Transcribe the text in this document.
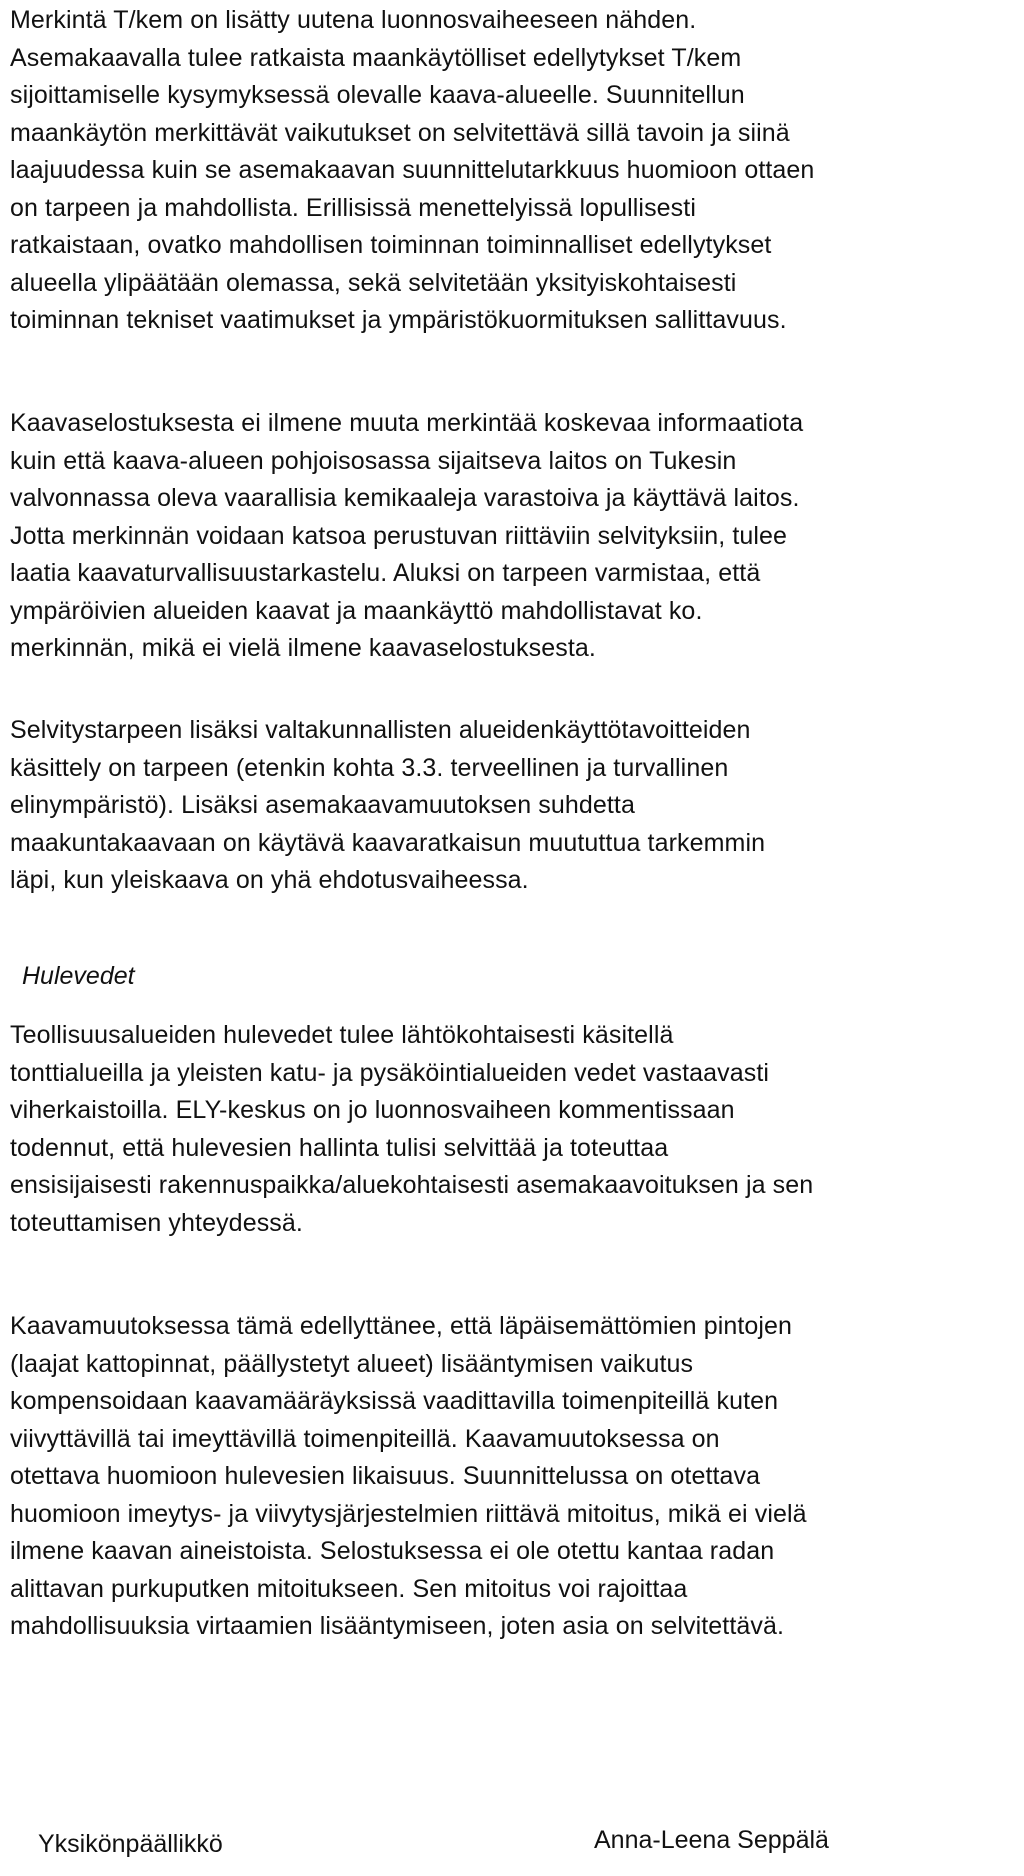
Merkintä T/kem on lisätty uutena luonnosvaiheeseen nähden.
Asemakaavalla tulee ratkaista maankäytölliset edellytykset T/kem
sijoittamiselle kysymyksessä olevalle kaava-alueelle. Suunnitellun
maankäytön merkittävät vaikutukset on selvitettävä sillä tavoin ja siinä
laajuudessa kuin se asemakaavan suunnittelutarkkuus huomioon ottaen
on tarpeen ja mahdollista. Erillisissä menettelyissä lopullisesti
ratkaistaan, ovatko mahdollisen toiminnan toiminnalliset edellytykset
alueella ylipäätään olemassa, sekä selvitetään yksityiskohtaisesti
toiminnan tekniset vaatimukset ja ympäristökuormituksen sallittavuus.
Kaavaselostuksesta ei ilmene muuta merkintää koskevaa informaatiota
kuin että kaava-alueen pohjoisosassa sijaitseva laitos on Tukesin
valvonnassa oleva vaarallisia kemikaaleja varastoiva ja käyttävä laitos.
Jotta merkinnän voidaan katsoa perustuvan riittäviin selvityksiin, tulee
laatia kaavaturvallisuustarkastelu. Aluksi on tarpeen varmistaa, että
ympäröivien alueiden kaavat ja maankäyttö mahdollistavat ko.
merkinnän, mikä ei vielä ilmene kaavaselostuksesta.
Selvitystarpeen lisäksi valtakunnallisten alueidenkäyttötavoitteiden
käsittely on tarpeen (etenkin kohta 3.3. terveellinen ja turvallinen
elinympäristö). Lisäksi asemakaavamuutoksen suhdetta
maakuntakaavaan on käytävä kaavaratkaisun muututtua tarkemmin
läpi, kun yleiskaava on yhä ehdotusvaiheessa.
Hulevedet
Teollisuusalueiden hulevedet tulee lähtökohtaisesti käsitellä
tonttialueilla ja yleisten katu- ja pysäköintialueiden vedet vastaavasti
viherkaistoilla. ELY-keskus on jo luonnosvaiheen kommentissaan
todennut, että hulevesien hallinta tulisi selvittää ja toteuttaa
ensisijaisesti rakennuspaikka/aluekohtaisesti asemakaavoituksen ja sen
toteuttamisen yhteydessä.
Kaavamuutoksessa tämä edellyttänee, että läpäisemättömien pintojen
(laajat kattopinnat, päällystetyt alueet) lisääntymisen vaikutus
kompensoidaan kaavamääräyksissä vaadittavilla toimenpiteillä kuten
viivyttävillä tai imeyttävillä toimenpiteillä. Kaavamuutoksessa on
otettava huomioon hulevesien likaisuus. Suunnittelussa on otettava
huomioon imeytys- ja viivytysjärjestelmien riittävä mitoitus, mikä ei vielä
ilmene kaavan aineistoista. Selostuksessa ei ole otettu kantaa radan
alittavan purkuputken mitoitukseen. Sen mitoitus voi rajoittaa
mahdollisuuksia virtaamien lisääntymiseen, joten asia on selvitettävä.
Yksikönpäällikkö	Anna-Leena Seppälä
